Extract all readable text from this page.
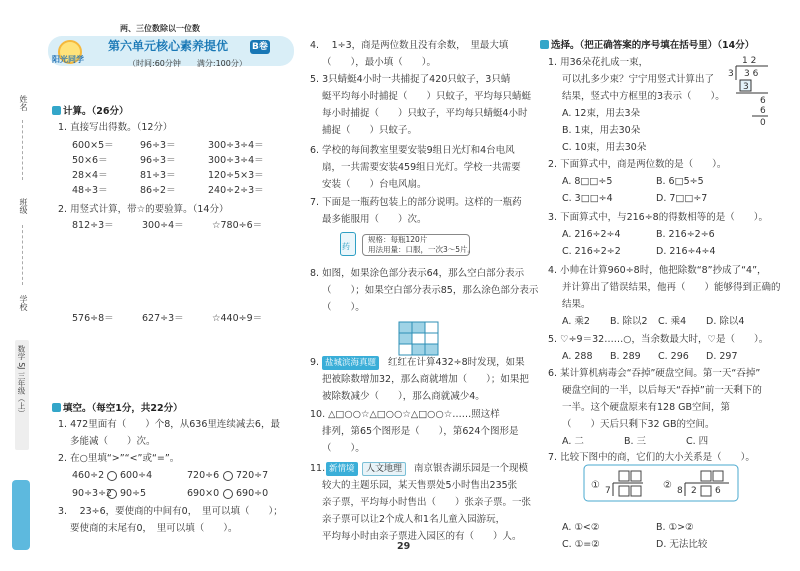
姓名
班级
学校
数学 SJ 三年级（上）
两、三位数除以一位数
阳光同学
第六单元核心素养提优	B卷
（时间:60分钟　　满分:100分）
计算。（26分）
1. 直接写出得数。（12分）
2. 用竖式计算，带☆的要验算。（14分）
填空。（每空1分，共22分）
1. 472里面有（　　）个8，从636里连续减去6，最
多能减（　　）次。
2. 在○里填“>”“<”或“=”。
3. 　23÷6，要使商的中间有0，　里可以填（　　）；
要使商的末尾有0，　里可以填（　　）。
药
规格：每瓶120片
用法用量：口服，一次3～5片。
29
1 2
3 3 6
3
6
6
0
① 7	② 8 2 6
600×5＝	96÷3＝	300÷3÷4＝
50×6＝	96÷3＝	300÷3÷4＝
28×4＝	81÷3＝	120÷5×3＝
48÷3＝	86÷2＝	240÷2÷3＝
812÷3＝	300÷4＝	☆780÷6＝
576÷8＝	627÷3＝	☆440÷9＝
460÷2 600÷4	720÷6 720÷7
90÷3÷2 90÷5	690×0 690÷0
4. 　1÷3，商是两位数且没有余数，　里最大填
（　　），最小填（　　）。
5. 3只蜻蜓4小时一共捕捉了420只蚊子，3只蜻
蜓平均每小时捕捉（　　）只蚊子，平均每只蜻蜓
每小时捕捉（　　）只蚊子，平均每只蜻蜓4小时
捕捉（　　）只蚊子。
6. 学校的每间教室里要安装9组日光灯和4台电风
扇，一共需要安装459组日光灯。学校一共需要
安装（　　）台电风扇。
7. 下面是一瓶药包装上的部分说明。这样的一瓶药
最多能服用（　　）次。
8. 如图，如果涂色部分表示64，那么空白部分表示
（　　）；如果空白部分表示85，那么涂色部分表示
（　　）。
9. 盐城滨海真题	红红在计算432÷8时发现，如果
把被除数增加32，那么商就增加（　　）；如果把
被除数减少（　　），那么商就减少4。
10. △□○○☆△□○○☆△□○○☆……照这样
排列，第65个图形是（　　），第624个图形是
（　　）。
11. 新情境	人文地理	南京银杏湖乐园是一个现模
较大的主题乐园，某天售票处5小时售出235张
亲子票，平均每小时售出（　　）张亲子票。一张
亲子票可以让2个成人和1名儿童入园游玩，
平均每小时由亲子票进入园区的有（　　）人。
选择。（把正确答案的序号填在括号里）（14分）
1. 用36朵花扎成一束，
可以扎多少束？宁宁用竖式计算出了
结果，竖式中方框里的3表示（　　）。
A. 12束，用去3朵
B. 1束，用去30朵
C. 10束，用去30朵
2. 下面算式中，商是两位数的是（　　）。
A. 8□□÷5	B. 6□5÷5
C. 3□□÷4	D. 7□□÷7
3. 下面算式中，与216÷8的得数相等的是（　　）。
A. 216÷2÷4	B. 216÷2÷6
C. 216÷2÷2	D. 216÷4÷4
4. 小帅在计算960÷8时，他把除数“8”抄成了“4”，
并计算出了错误结果，他再（　　）能够得到正确的
结果。
A. 乘2 B. 除以2 C. 乘4 D. 除以4
5. ♡÷9＝32……○，当余数最大时，♡是（　　）。
A. 288 B. 289 C. 296 D. 297
6. 某计算机病毒会“吞掉”硬盘空间。第一天“吞掉”
硬盘空间的一半，以后每天“吞掉”前一天剩下的
一半。这个硬盘原来有128 GB空间，第
（　　）天后只剩下32 GB的空间。
A. 二	B. 三	C. 四
7. 比较下图中的商，它们的大小关系是（　　）。
A. ①<②	B. ①>②
C. ①=②	D. 无法比较
